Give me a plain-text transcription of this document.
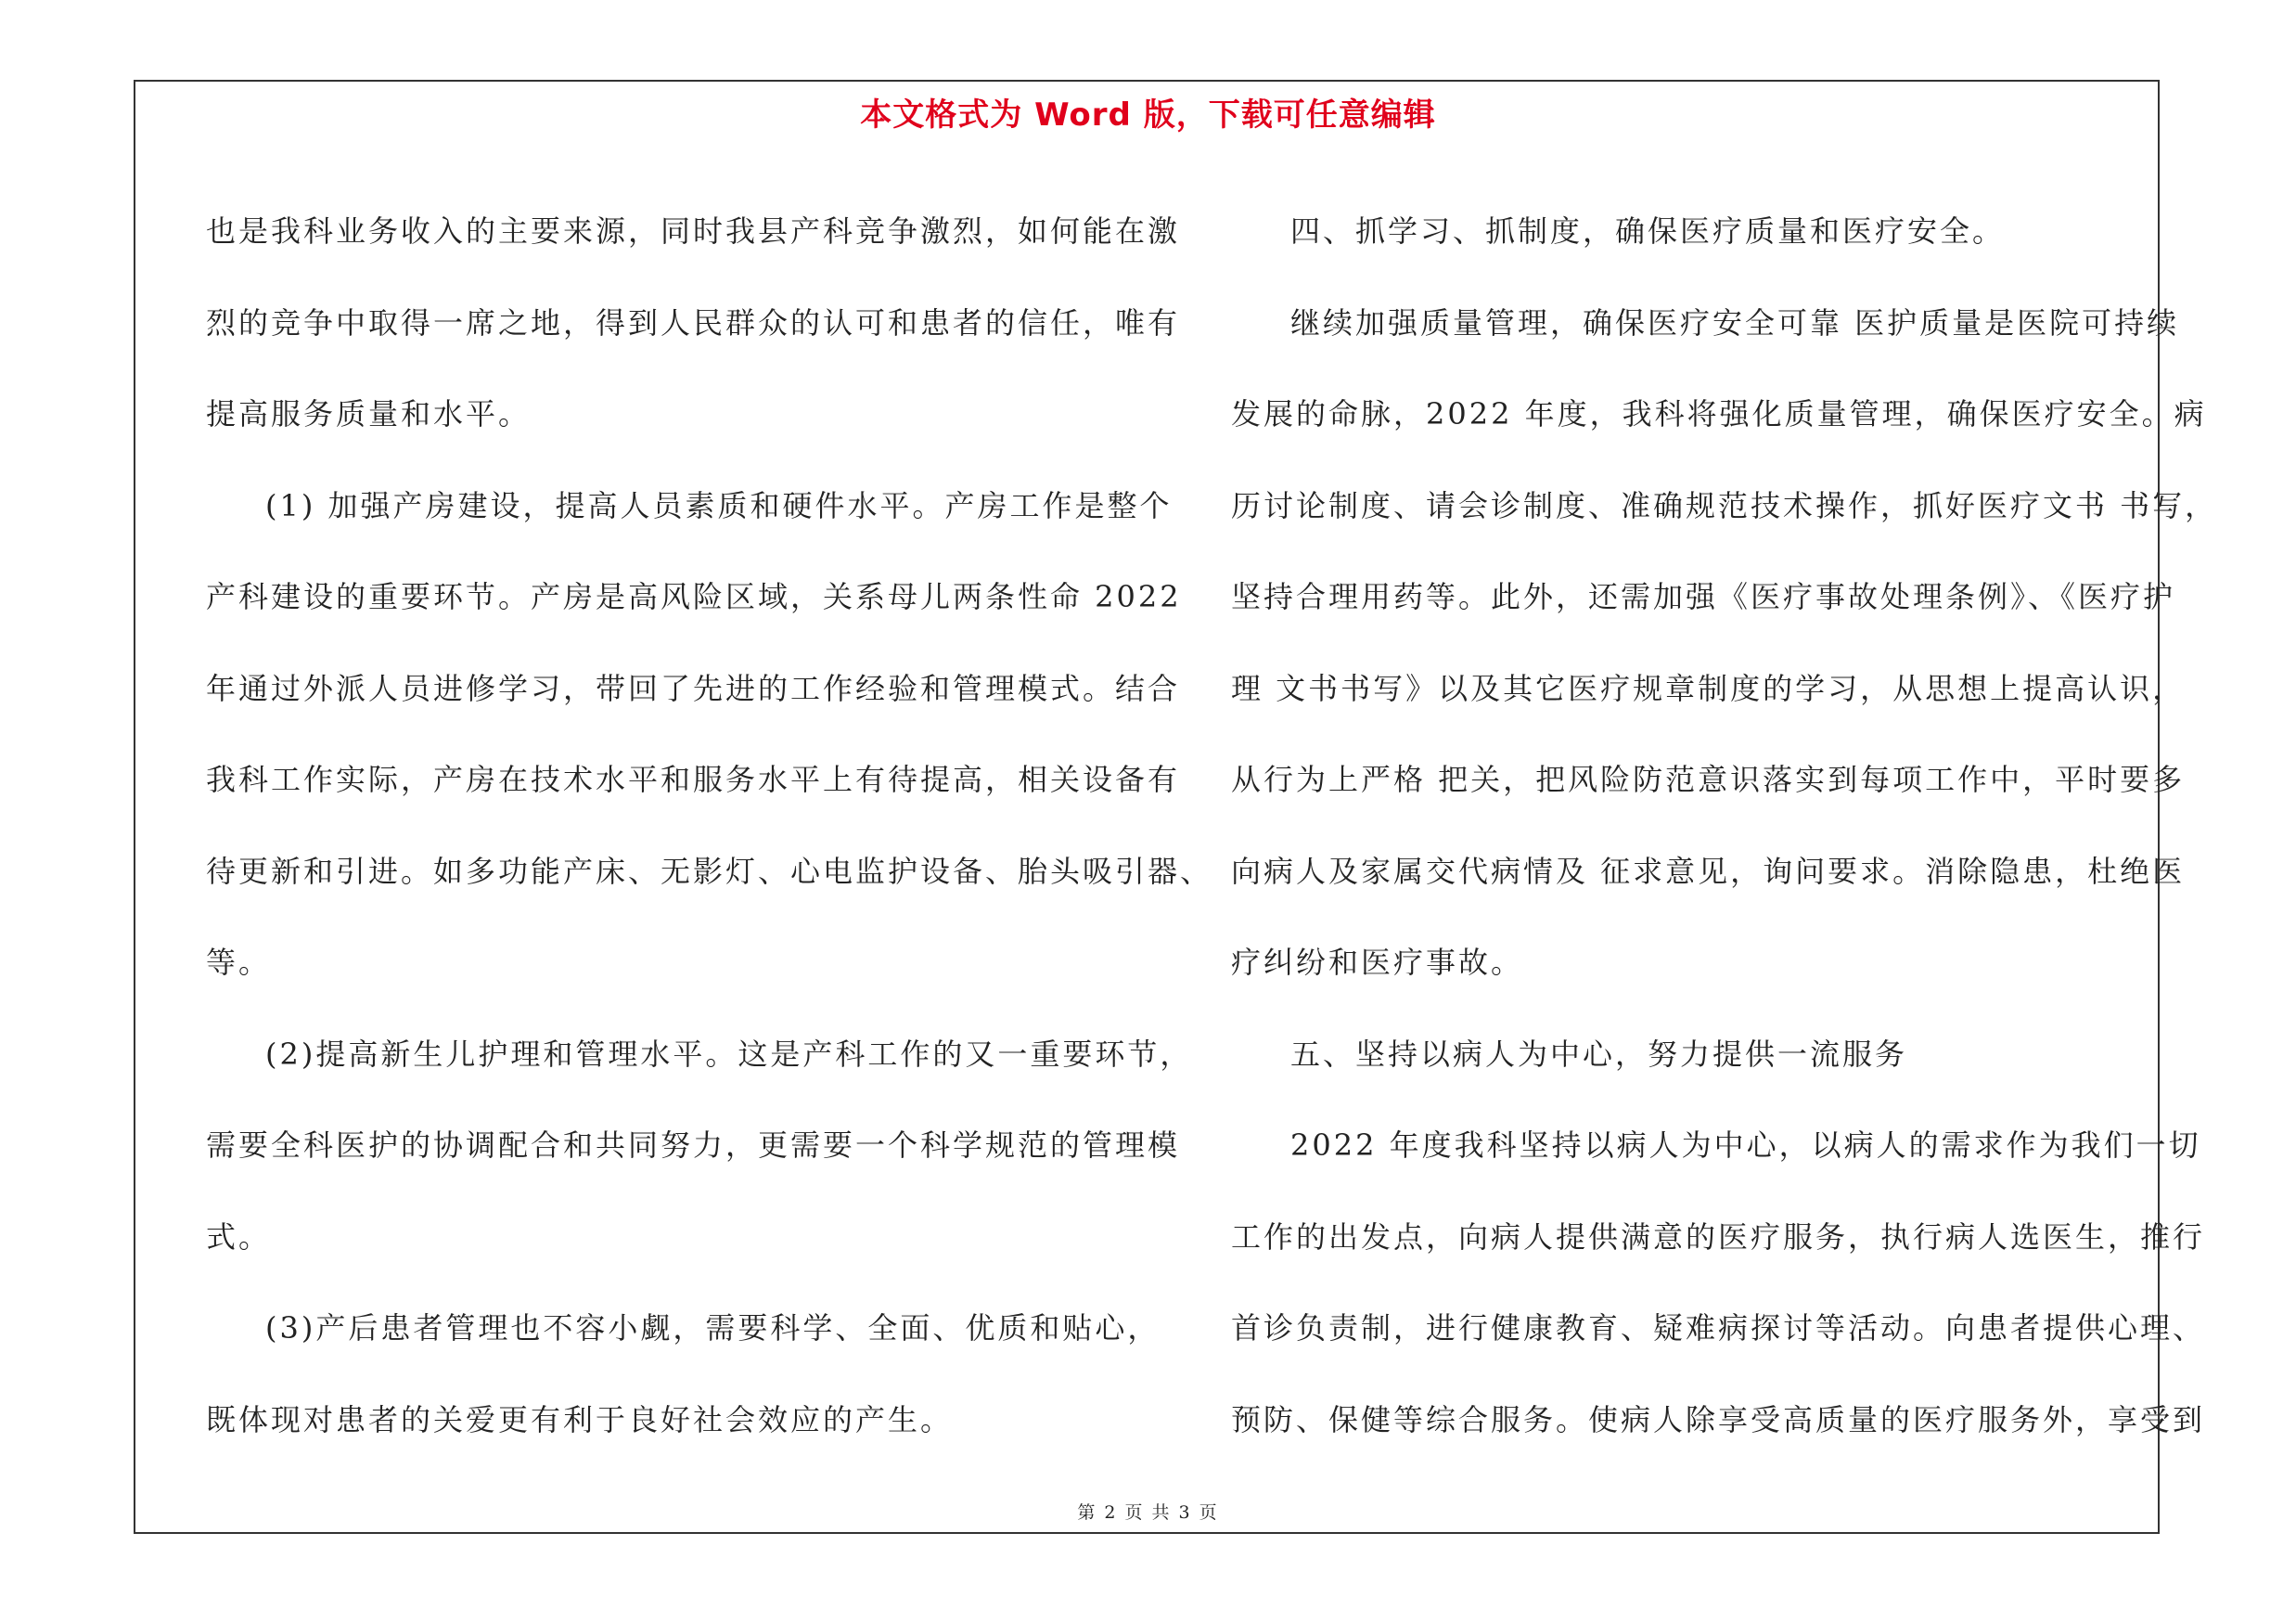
本文格式为 Word 版，下载可任意编辑
也是我科业务收入的主要来源，同时我县产科竞争激烈，如何能在激
烈的竞争中取得一席之地，得到人民群众的认可和患者的信任，唯有
提高服务质量和水平。
(1) 加强产房建设，提高人员素质和硬件水平。产房工作是整个
产科建设的重要环节。产房是高风险区域，关系母儿两条性命 2022
年通过外派人员进修学习，带回了先进的工作经验和管理模式。结合
我科工作实际，产房在技术水平和服务水平上有待提高，相关设备有
待更新和引进。如多功能产床、无影灯、心电监护设备、胎头吸引器、
等。
(2)提高新生儿护理和管理水平。这是产科工作的又一重要环节，
需要全科医护的协调配合和共同努力，更需要一个科学规范的管理模
式。
(3)产后患者管理也不容小觑，需要科学、全面、优质和贴心，
既体现对患者的关爱更有利于良好社会效应的产生。
四、抓学习、抓制度，确保医疗质量和医疗安全。
继续加强质量管理，确保医疗安全可靠 医护质量是医院可持续
发展的命脉，2022 年度，我科将强化质量管理，确保医疗安全。病
历讨论制度、请会诊制度、准确规范技术操作，抓好医疗文书 书写，
坚持合理用药等。此外，还需加强《医疗事故处理条例》、《医疗护
理 文书书写》以及其它医疗规章制度的学习，从思想上提高认识，
从行为上严格 把关，把风险防范意识落实到每项工作中，平时要多
向病人及家属交代病情及 征求意见，询问要求。消除隐患，杜绝医
疗纠纷和医疗事故。
五、坚持以病人为中心，努力提供一流服务
2022 年度我科坚持以病人为中心，以病人的需求作为我们一切
工作的出发点，向病人提供满意的医疗服务，执行病人选医生，推行
首诊负责制，进行健康教育、疑难病探讨等活动。向患者提供心理、
预防、保健等综合服务。使病人除享受高质量的医疗服务外，享受到
第 2 页 共 3 页
